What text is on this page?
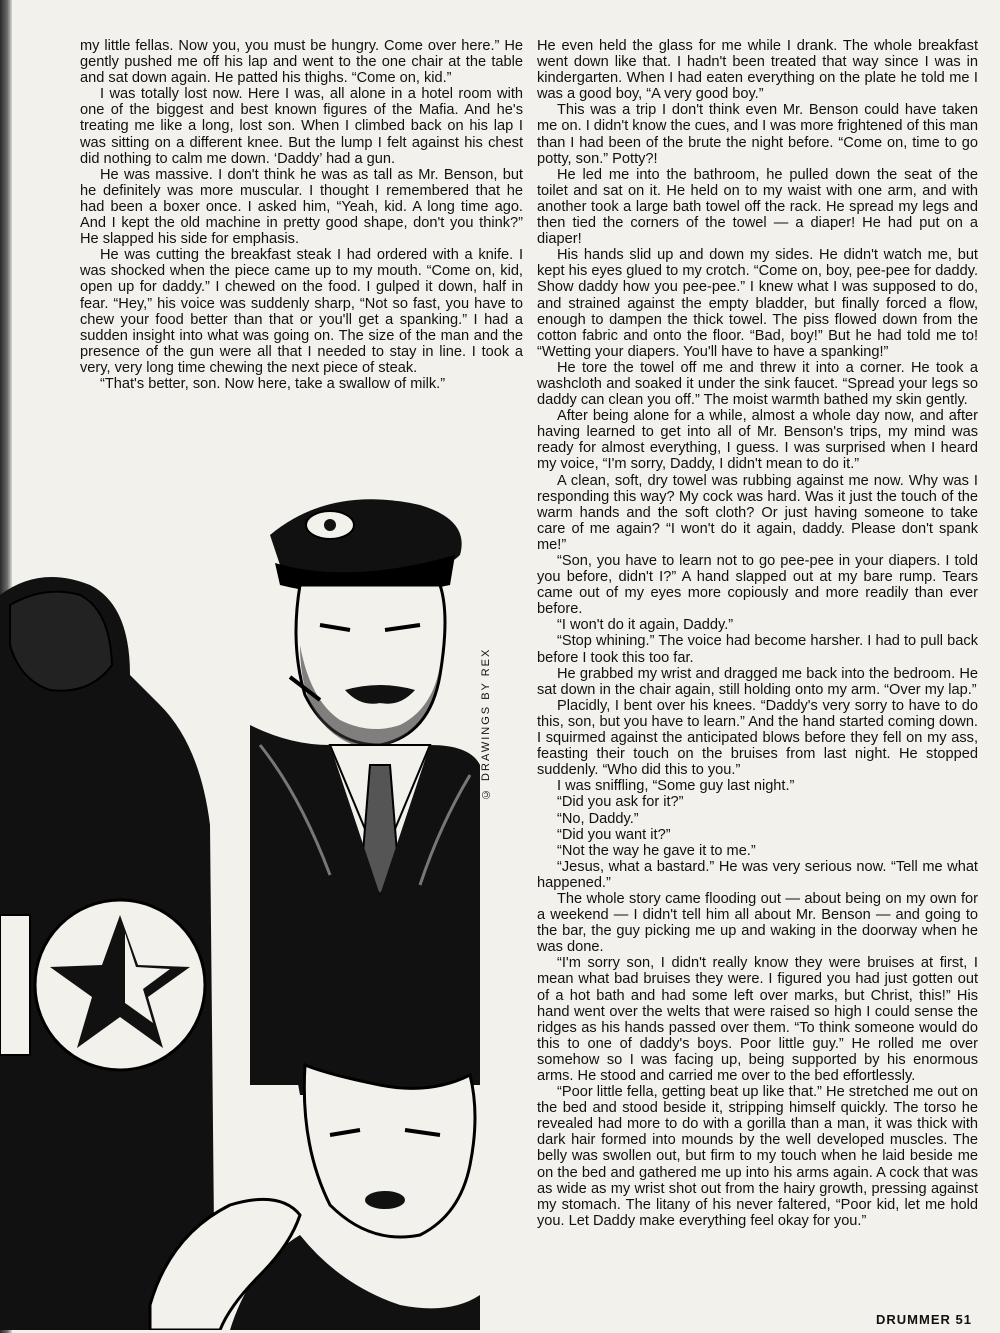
my little fellas. Now you, you must be hungry. Come over here.” He gently pushed me off his lap and went to the one chair at the table and sat down again. He patted his thighs. “Come on, kid.”

I was totally lost now. Here I was, all alone in a hotel room with one of the biggest and best known figures of the Mafia. And he's treating me like a long, lost son. When I climbed back on his lap I was sitting on a different knee. But the lump I felt against his chest did nothing to calm me down. ‘Daddy’ had a gun.

He was massive. I don't think he was as tall as Mr. Benson, but he definitely was more muscular. I thought I remembered that he had been a boxer once. I asked him, “Yeah, kid. A long time ago. And I kept the old machine in pretty good shape, don't you think?” He slapped his side for emphasis.

He was cutting the breakfast steak I had ordered with a knife. I was shocked when the piece came up to my mouth. “Come on, kid, open up for daddy.” I chewed on the food. I gulped it down, half in fear. “Hey,” his voice was suddenly sharp, “Not so fast, you have to chew your food better than that or you'll get a spanking.” I had a sudden insight into what was going on. The size of the man and the presence of the gun were all that I needed to stay in line. I took a very, very long time chewing the next piece of steak.

“That's better, son. Now here, take a swallow of milk.”

He even held the glass for me while I drank. The whole breakfast went down like that. I hadn't been treated that way since I was in kindergarten. When I had eaten everything on the plate he told me I was a good boy, “A very good boy.”

This was a trip I don't think even Mr. Benson could have taken me on. I didn't know the cues, and I was more frightened of this man than I had been of the brute the night before. “Come on, time to go potty, son.” Potty?!

He led me into the bathroom, he pulled down the seat of the toilet and sat on it. He held on to my waist with one arm, and with another took a large bath towel off the rack. He spread my legs and then tied the corners of the towel — a diaper! He had put on a diaper!

His hands slid up and down my sides. He didn't watch me, but kept his eyes glued to my crotch. “Come on, boy, pee-pee for daddy. Show daddy how you pee-pee.” I knew what I was supposed to do, and strained against the empty bladder, but finally forced a flow, enough to dampen the thick towel. The piss flowed down from the cotton fabric and onto the floor. “Bad, boy!” But he had told me to! “Wetting your diapers. You'll have to have a spanking!”

He tore the towel off me and threw it into a corner. He took a washcloth and soaked it under the sink faucet. “Spread your legs so daddy can clean you off.” The moist warmth bathed my skin gently.

After being alone for a while, almost a whole day now, and after having learned to get into all of Mr. Benson's trips, my mind was ready for almost everything, I guess. I was surprised when I heard my voice, “I'm sorry, Daddy, I didn't mean to do it.”

A clean, soft, dry towel was rubbing against me now. Why was I responding this way? My cock was hard. Was it just the touch of the warm hands and the soft cloth? Or just having someone to take care of me again? “I won't do it again, daddy. Please don't spank me!”

“Son, you have to learn not to go pee-pee in your diapers. I told you before, didn't I?” A hand slapped out at my bare rump. Tears came out of my eyes more copiously and more readily than ever before.

“I won't do it again, Daddy.”

“Stop whining.” The voice had become harsher. I had to pull back before I took this too far.

He grabbed my wrist and dragged me back into the bedroom. He sat down in the chair again, still holding onto my arm. “Over my lap.”

Placidly, I bent over his knees. “Daddy's very sorry to have to do this, son, but you have to learn.” And the hand started coming down. I squirmed against the anticipated blows before they fell on my ass, feasting their touch on the bruises from last night. He stopped suddenly. “Who did this to you.”

I was sniffling, “Some guy last night.”

“Did you ask for it?”

“No, Daddy.”

“Did you want it?”

“Not the way he gave it to me.”

“Jesus, what a bastard.” He was very serious now. “Tell me what happened.”

The whole story came flooding out — about being on my own for a weekend — I didn't tell him all about Mr. Benson — and going to the bar, the guy picking me up and waking in the doorway when he was done.

“I'm sorry son, I didn't really know they were bruises at first, I mean what bad bruises they were. I figured you had just gotten out of a hot bath and had some left over marks, but Christ, this!” His hand went over the welts that were raised so high I could sense the ridges as his hands passed over them. “To think someone would do this to one of daddy's boys. Poor little guy.” He rolled me over somehow so I was facing up, being supported by his enormous arms. He stood and carried me over to the bed effortlessly.

“Poor little fella, getting beat up like that.” He stretched me out on the bed and stood beside it, stripping himself quickly. The torso he revealed had more to do with a gorilla than a man, it was thick with dark hair formed into mounds by the well developed muscles. The belly was swollen out, but firm to my touch when he laid beside me on the bed and gathered me up into his arms again. A cock that was as wide as my wrist shot out from the hairy growth, pressing against my stomach. The litany of his never faltered, “Poor kid, let me hold you. Let Daddy make everything feel okay for you.”

© DRAWINGS BY REX
DRUMMER 51
